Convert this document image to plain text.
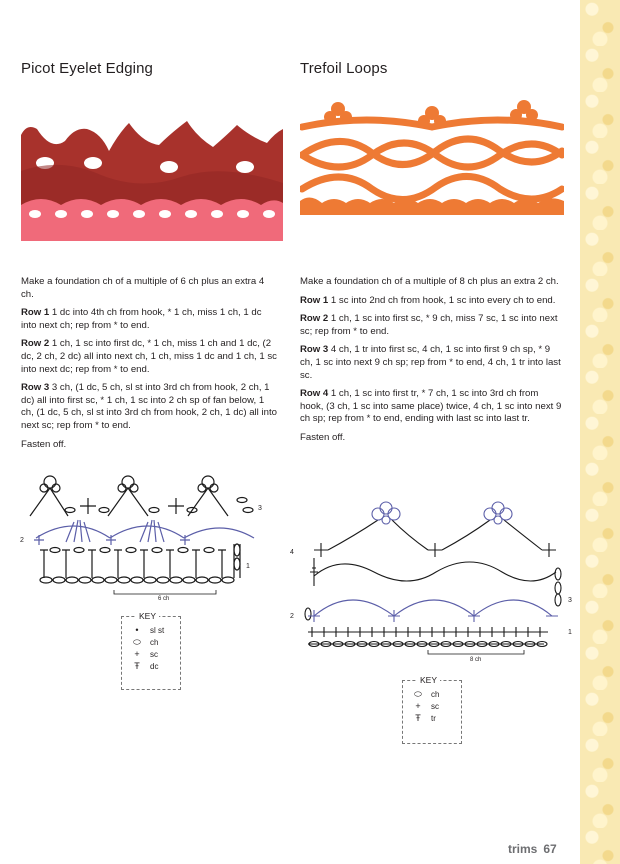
Picot Eyelet Edging

Make a foundation ch of a multiple of 6 ch plus an extra 4 ch.

Row 1 1 dc into 4th ch from hook, * 1 ch, miss 1 ch, 1 dc into next ch; rep from * to end.

Row 2 1 ch, 1 sc into first dc, * 1 ch, miss 1 ch and 1 dc, (2 dc, 2 ch, 2 dc) all into next ch, 1 ch, miss 1 dc and 1 ch, 1 sc into next dc; rep from * to end.

Row 3 3 ch, (1 dc, 5 ch, sl st into 3rd ch from hook, 2 ch, 1 dc) all into first sc, * 1 ch, 1 sc into 2 ch sp of fan below, 1 ch, (1 dc, 5 ch, sl st into 3rd ch from hook, 2 ch, 1 dc) all into next sc; rep from * to end.

Fasten off.

2
1
3
6 ch
KEY
•	sl st
⬭	ch
+	sc
Ŧ	dc
Trefoil Loops

Make a foundation ch of a multiple of 8 ch plus an extra 2 ch.

Row 1 1 sc into 2nd ch from hook, 1 sc into every ch to end.

Row 2 1 ch, 1 sc into first sc, * 9 ch, miss 7 sc, 1 sc into next sc; rep from * to end.

Row 3 4 ch, 1 tr into first sc, 4 ch, 1 sc into first 9 ch sp, * 9 ch, 1 sc into next 9 ch sp; rep from * to end, 4 ch, 1 tr into last sc.

Row 4 1 ch, 1 sc into first tr, * 7 ch, 1 sc into 3rd ch from hook, (3 ch, 1 sc into same place) twice, 4 ch, 1 sc into next 9 ch sp; rep from * to end, ending with last sc into last tr.

Fasten off.

1
2
3
4
8 ch
KEY
⬭	ch
+	sc
Ŧ	tr
trims 67
